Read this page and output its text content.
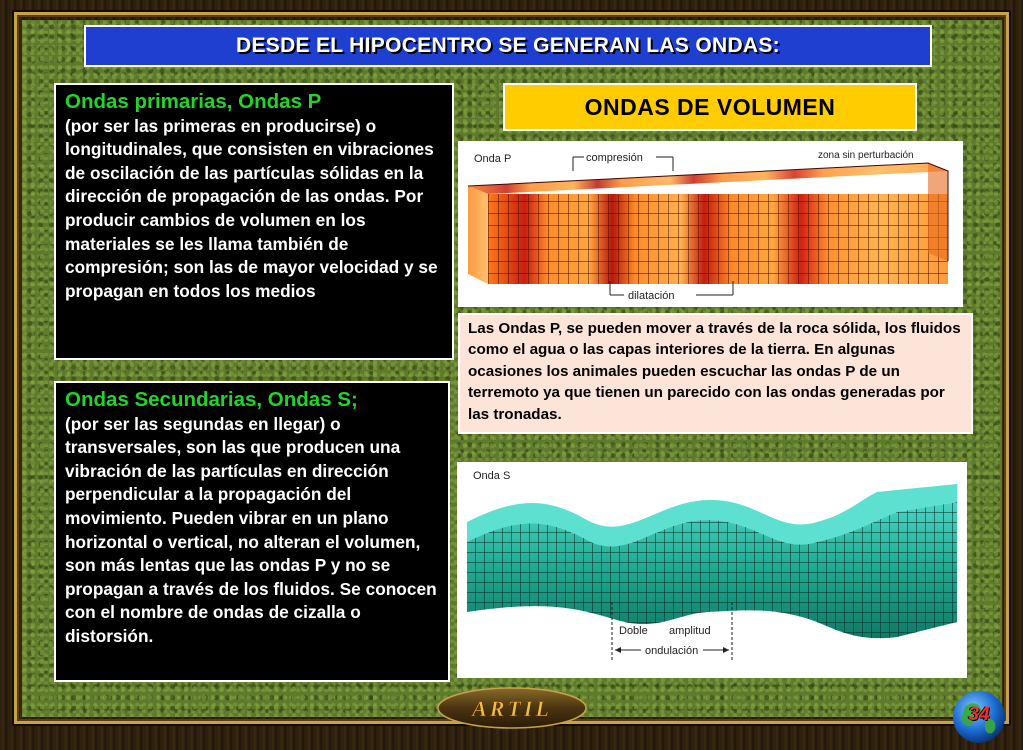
DESDE EL HIPOCENTRO SE GENERAN LAS ONDAS:
Ondas primarias, Ondas P
(por ser las primeras en producirse) o longitudinales, que consisten en vibraciones de oscilación de las partículas sólidas en la dirección de propagación de las ondas. Por producir cambios de volumen en los materiales se les llama también de compresión; son las de mayor velocidad y se propagan en todos los medios
Ondas Secundarias, Ondas S;
(por ser las segundas en llegar) o transversales, son las que producen una vibración de las partículas en dirección perpendicular a la propagación del movimiento. Pueden vibrar en un plano horizontal o vertical, no alteran el volumen, son más lentas que las ondas P y no se propagan a través de los fluidos. Se conocen con el nombre de ondas de cizalla o distorsión.
ONDAS DE VOLUMEN
Onda P	compresión	zona sin perturbación
dilatación
Las Ondas P, se pueden mover a través de la roca sólida, los fluidos como el agua o las capas interiores de la tierra. En algunas ocasiones los animales pueden escuchar las ondas P de un terremoto ya que tienen un parecido con las ondas generadas por las tronadas.
Onda S
Doble amplitud
ondulación
ARTIL	34
